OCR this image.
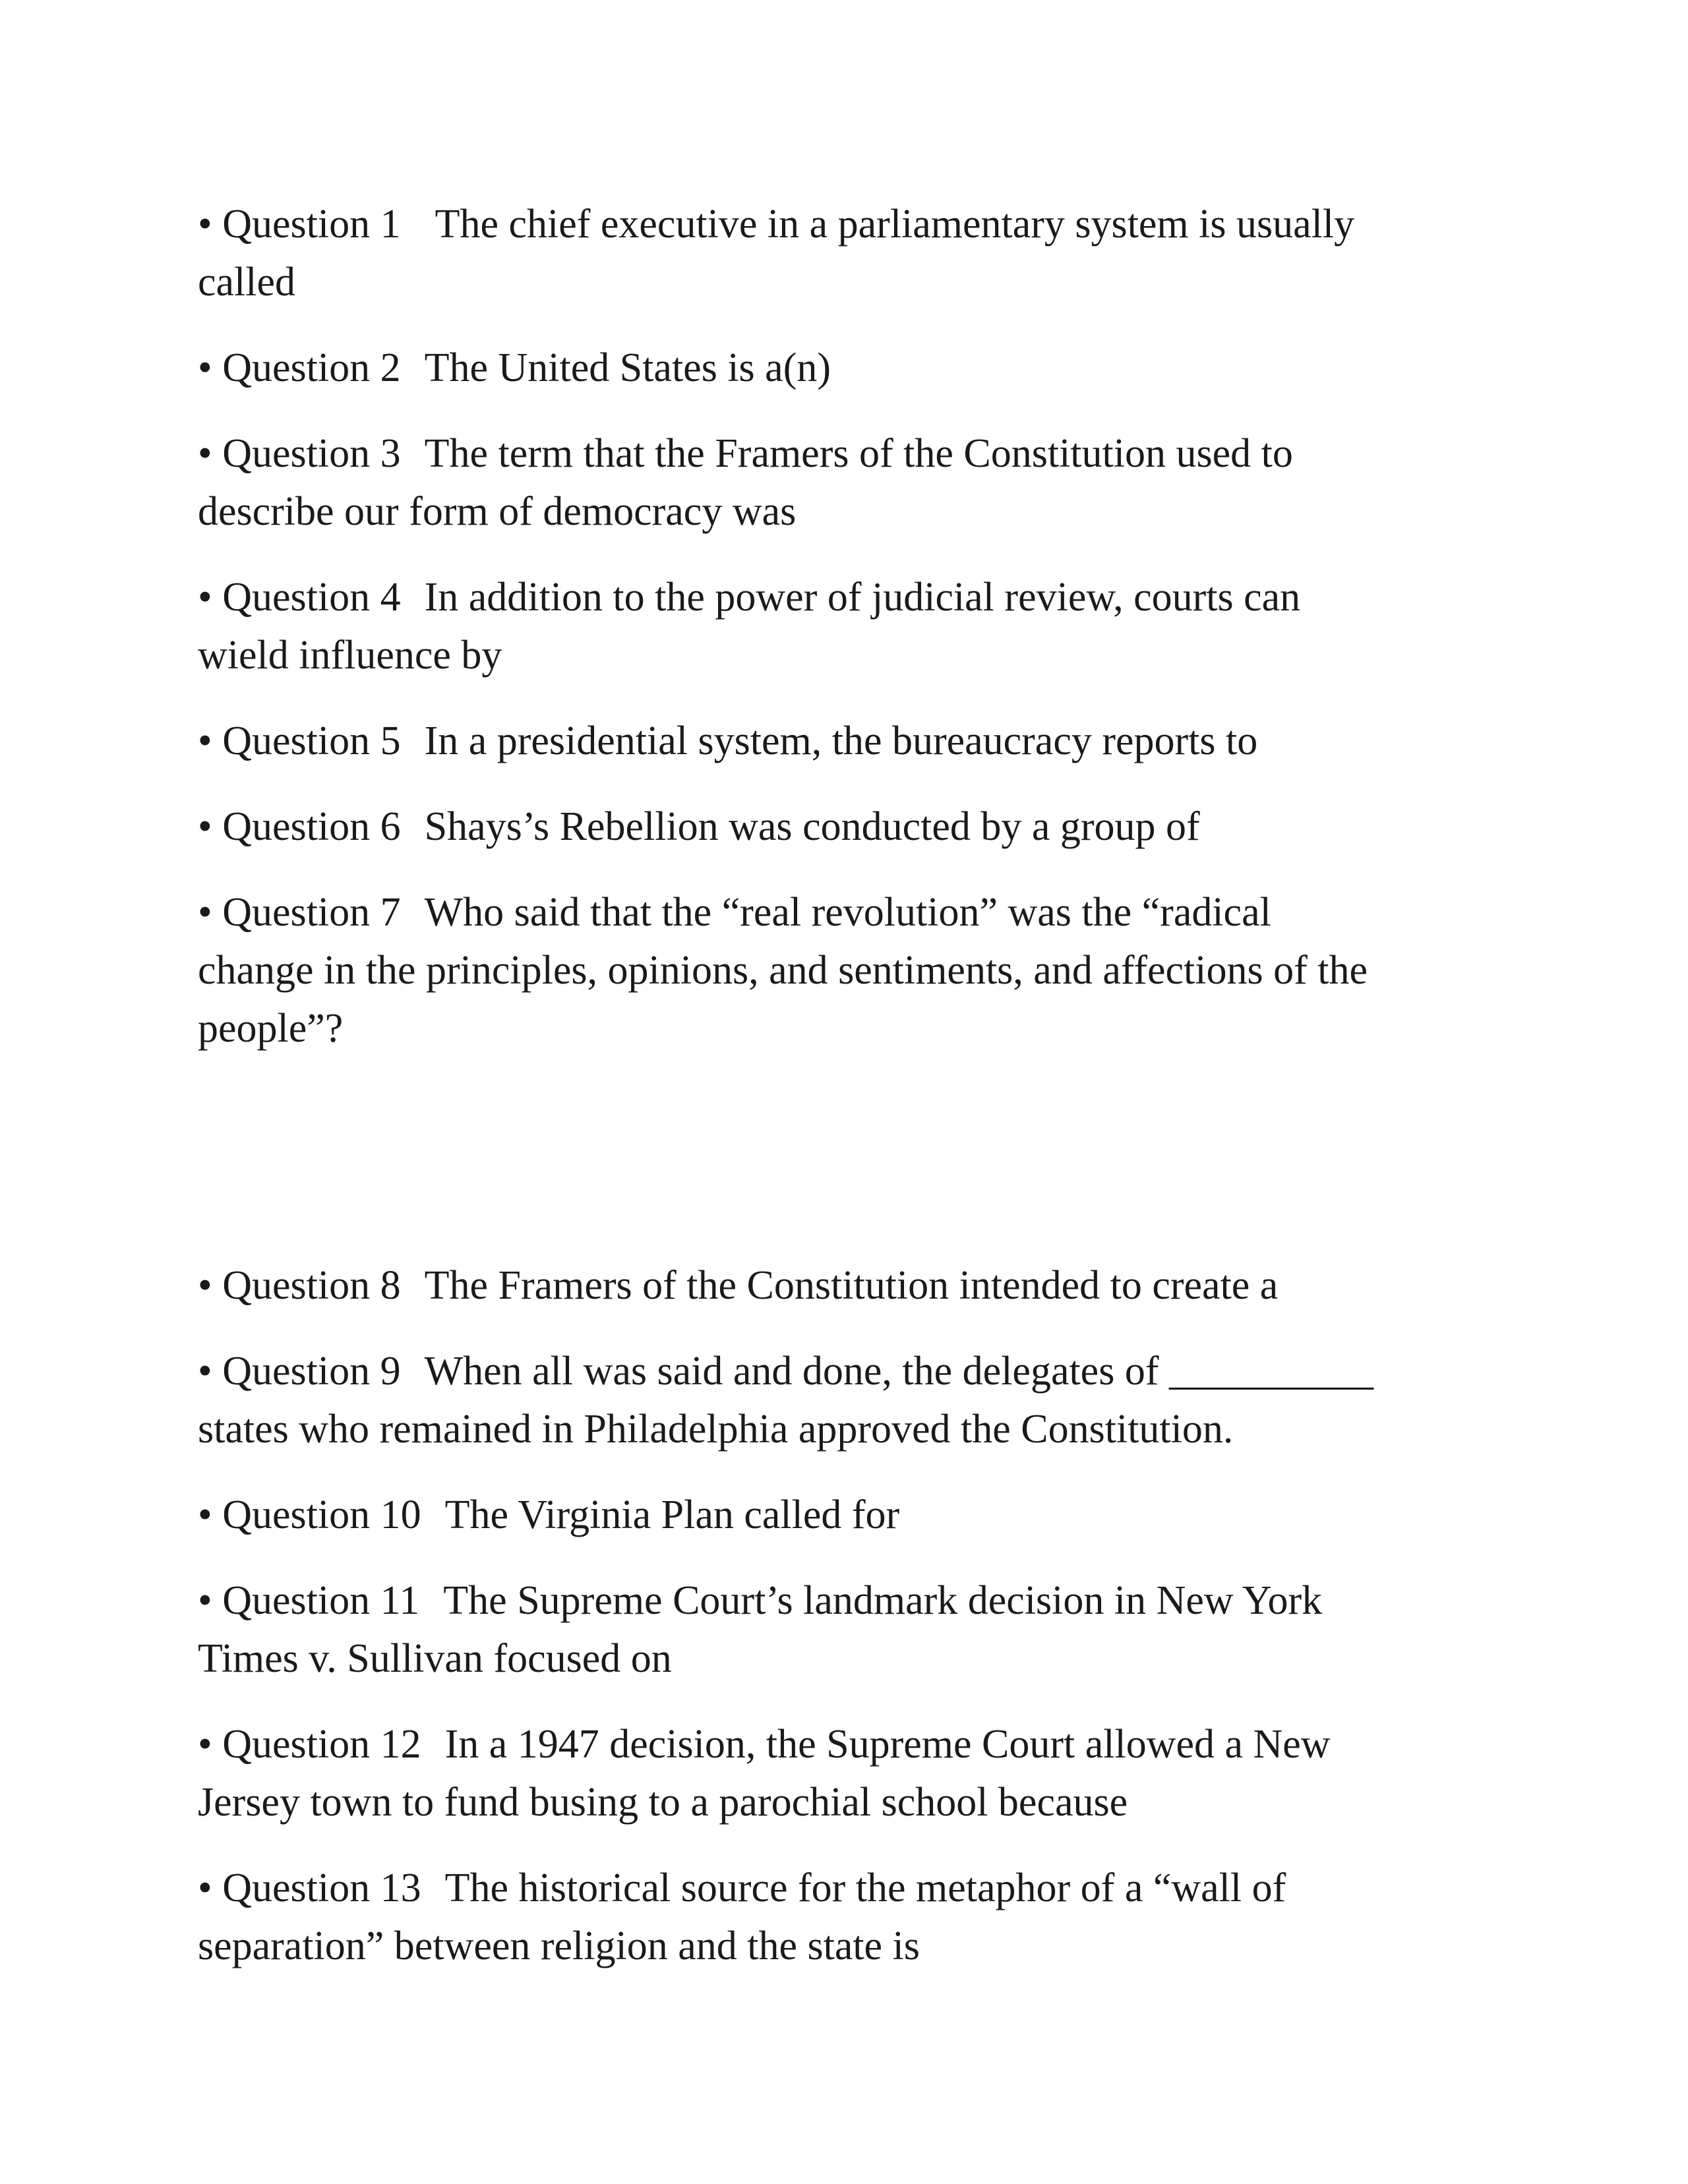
• Question 1 The chief executive in a parliamentary system is usually
called
• Question 2 The United States is a(n)
• Question 3 The term that the Framers of the Constitution used to
describe our form of democracy was
• Question 4 In addition to the power of judicial review, courts can
wield influence by
• Question 5 In a presidential system, the bureaucracy reports to
• Question 6 Shays’s Rebellion was conducted by a group of
• Question 7 Who said that the “real revolution” was the “radical
change in the principles, opinions, and sentiments, and affections of the
people”?
• Question 8 The Framers of the Constitution intended to create a
• Question 9 When all was said and done, the delegates of __________
states who remained in Philadelphia approved the Constitution.
• Question 10 The Virginia Plan called for
• Question 11 The Supreme Court’s landmark decision in New York
Times v. Sullivan focused on
• Question 12 In a 1947 decision, the Supreme Court allowed a New
Jersey town to fund busing to a parochial school because
• Question 13 The historical source for the metaphor of a “wall of
separation” between religion and the state is
